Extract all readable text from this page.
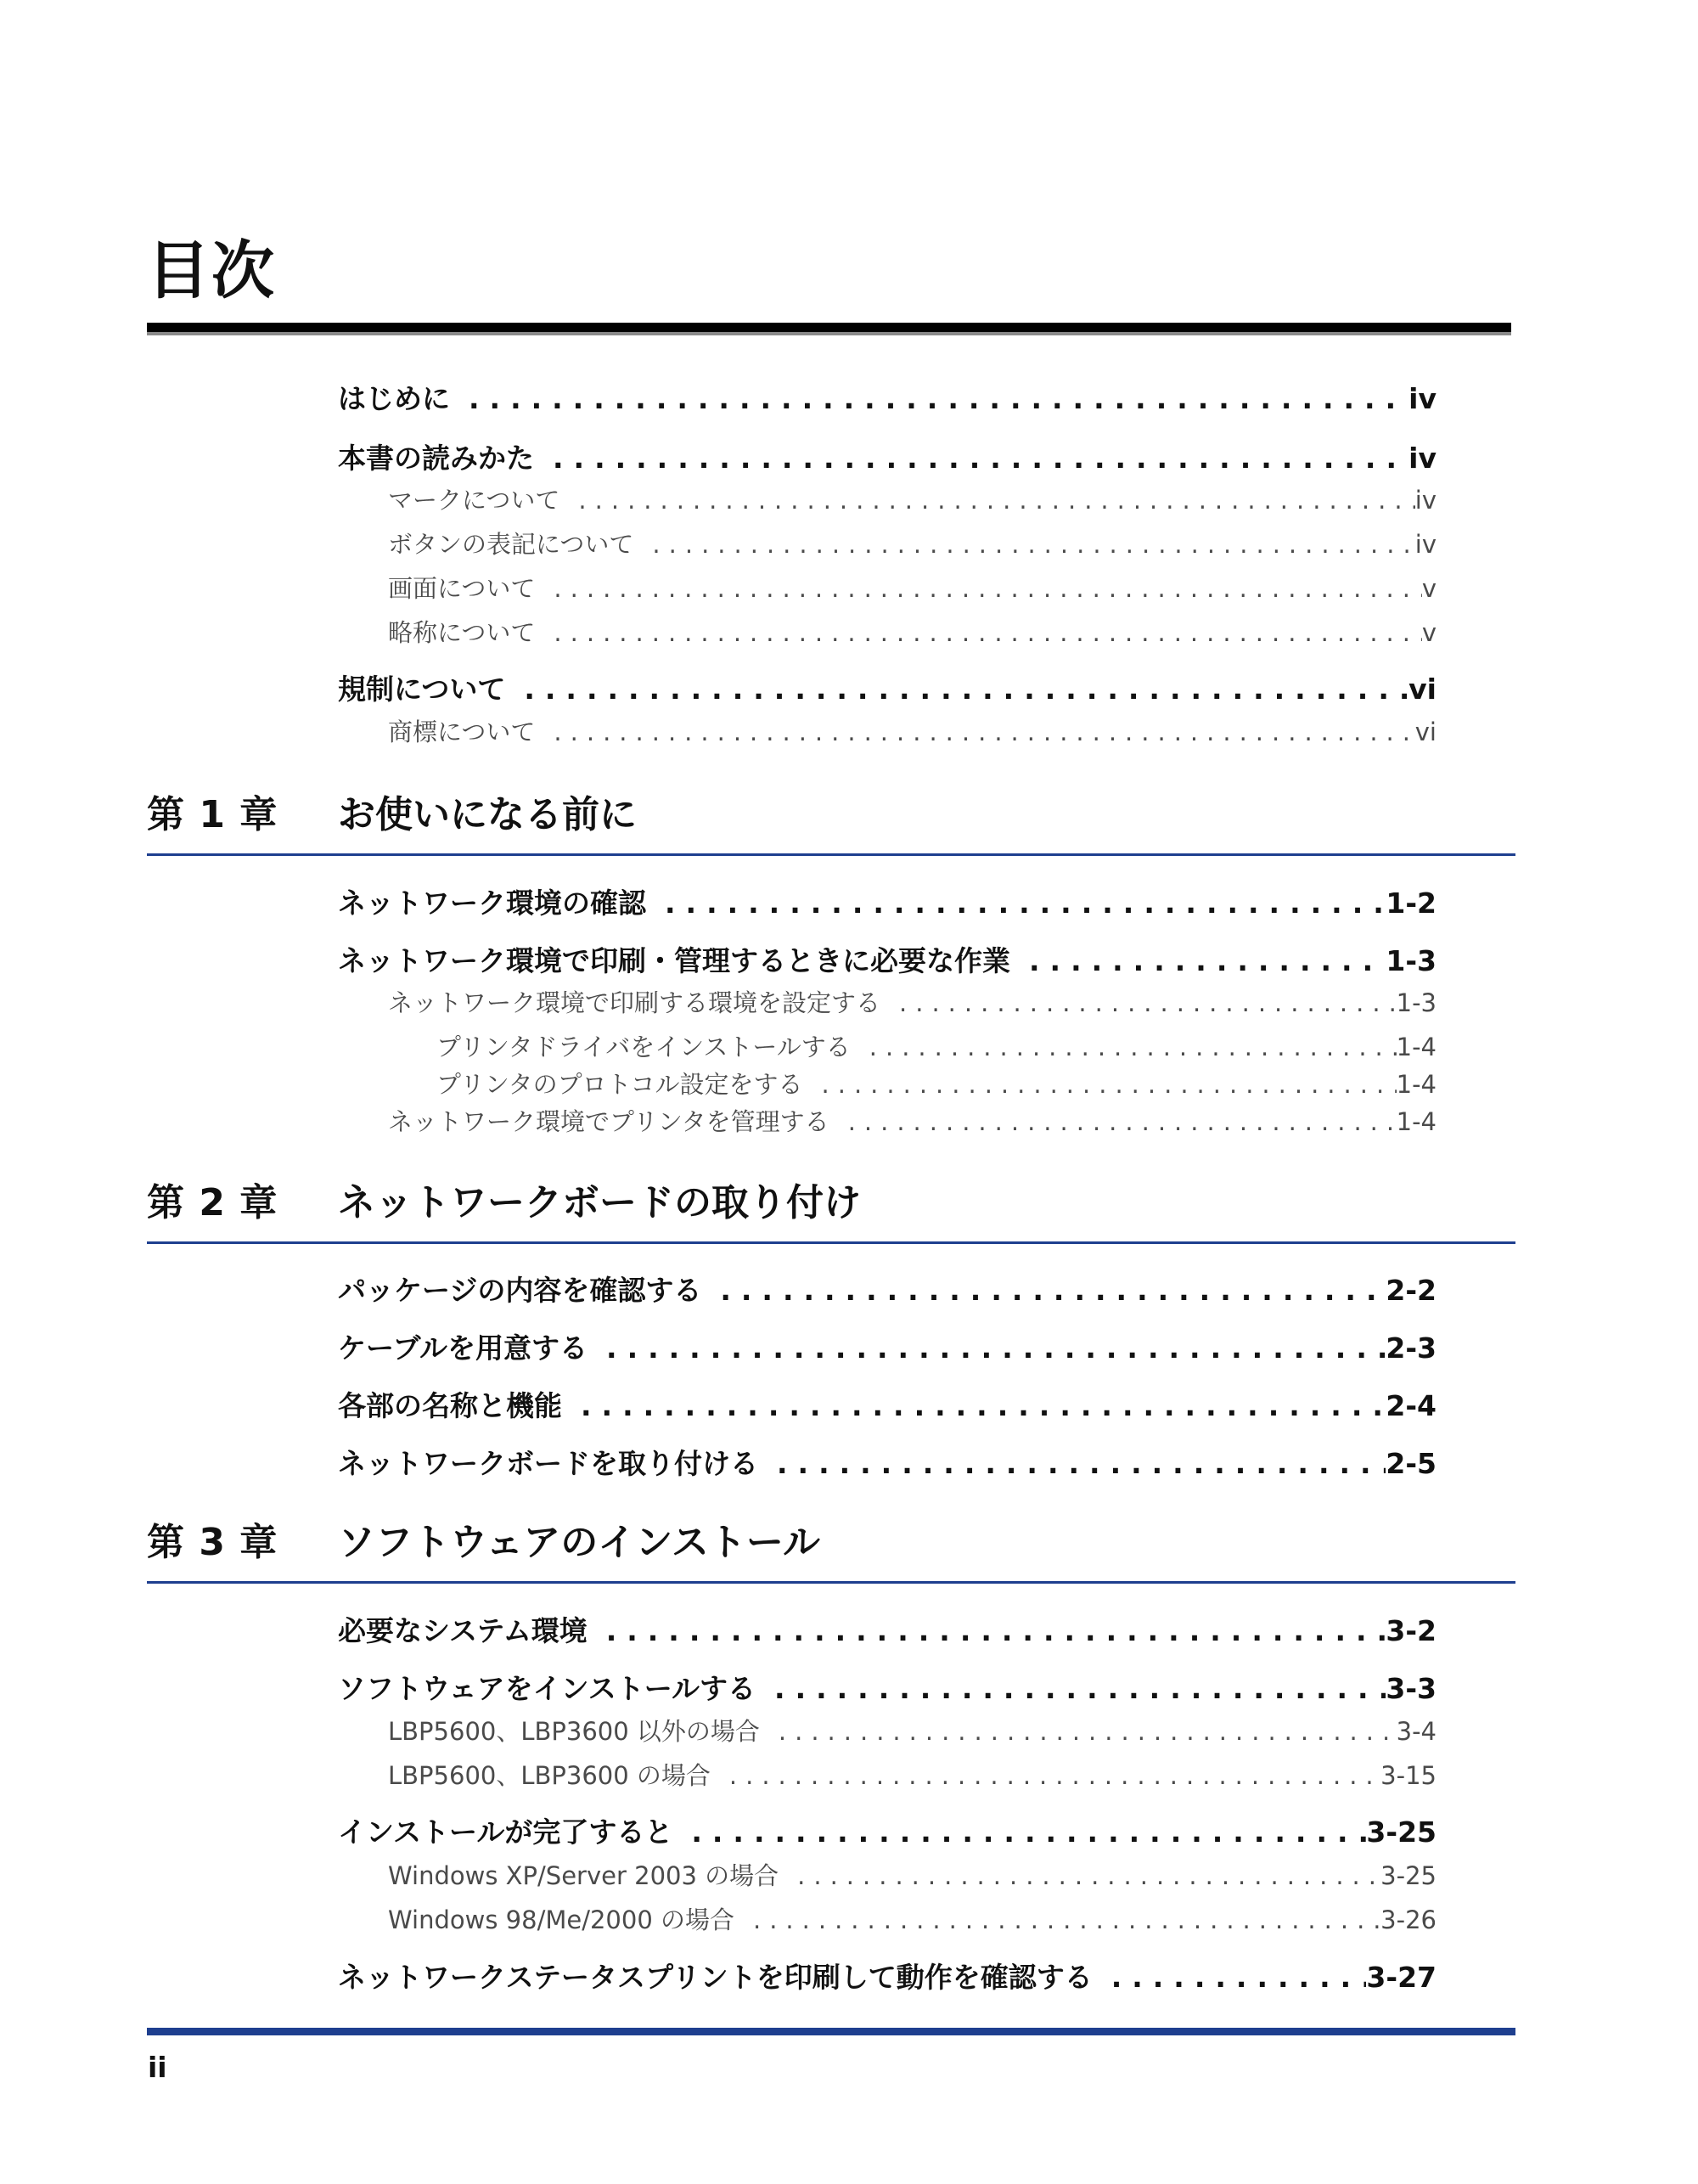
目次
はじめに .....	iv
本書の読みかた .....	iv
マークについて .....	iv
ボタンの表記について .....	iv
画面について .....	v
略称について .....	v
規制について .....	vi
商標について .....	vi
第 1 章 お使いになる前に
ネットワーク環境の確認 .....	1-2
ネットワーク環境で印刷・管理するときに必要な作業 .....	1-3
ネットワーク環境で印刷する環境を設定する .....	1-3
プリンタドライバをインストールする .....	1-4
プリンタのプロトコル設定をする .....	1-4
ネットワーク環境でプリンタを管理する .....	1-4
第 2 章 ネットワークボードの取り付け
パッケージの内容を確認する .....	2-2
ケーブルを用意する .....	2-3
各部の名称と機能 .....	2-4
ネットワークボードを取り付ける .....	2-5
第 3 章 ソフトウェアのインストール
必要なシステム環境 .....	3-2
ソフトウェアをインストールする .....	3-3
LBP5600、LBP3600 以外の場合 .....	3-4
LBP5600、LBP3600 の場合 .....	3-15
インストールが完了すると .....	3-25
Windows XP/Server 2003 の場合 .....	3-25
Windows 98/Me/2000 の場合 .....	3-26
ネットワークステータスプリントを印刷して動作を確認する .....	3-27
ii
